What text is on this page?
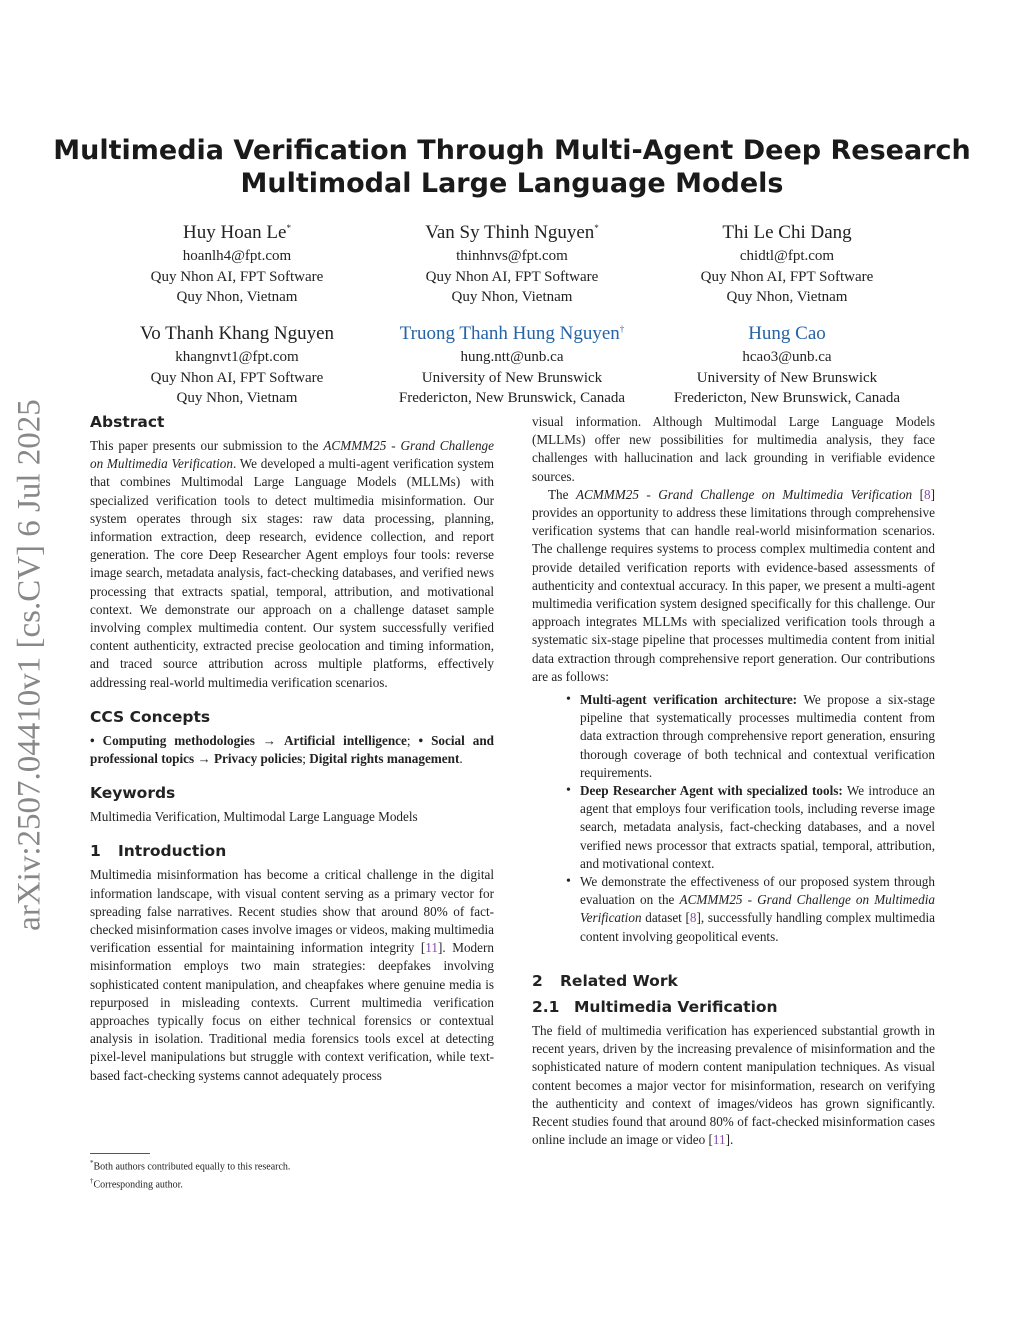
Multimedia Verification Through Multi-Agent Deep Research Multimodal Large Language Models
arXiv:2507.04410v1 [cs.CV] 6 Jul 2025
Huy Hoan Le*
hoanlh4@fpt.com
Quy Nhon AI, FPT Software
Quy Nhon, Vietnam
Van Sy Thinh Nguyen*
thinhnvs@fpt.com
Quy Nhon AI, FPT Software
Quy Nhon, Vietnam
Thi Le Chi Dang
chidtl@fpt.com
Quy Nhon AI, FPT Software
Quy Nhon, Vietnam
Vo Thanh Khang Nguyen
khangnvt1@fpt.com
Quy Nhon AI, FPT Software
Quy Nhon, Vietnam
Truong Thanh Hung Nguyen†
hung.ntt@unb.ca
University of New Brunswick
Fredericton, New Brunswick, Canada
Hung Cao
hcao3@unb.ca
University of New Brunswick
Fredericton, New Brunswick, Canada
Abstract

This paper presents our submission to the ACMMM25 - Grand Challenge on Multimedia Verification. We developed a multi-agent verification system that combines Multimodal Large Language Models (MLLMs) with specialized verification tools to detect multimedia misinformation. Our system operates through six stages: raw data processing, planning, information extraction, deep research, evidence collection, and report generation. The core Deep Researcher Agent employs four tools: reverse image search, metadata analysis, fact-checking databases, and verified news processing that extracts spatial, temporal, attribution, and motivational context. We demonstrate our approach on a challenge dataset sample involving complex multimedia content. Our system successfully verified content authenticity, extracted precise geolocation and timing information, and traced source attribution across multiple platforms, effectively addressing real-world multimedia verification scenarios.

CCS Concepts

• Computing methodologies → Artificial intelligence; • Social and professional topics → Privacy policies; Digital rights management.

Keywords

Multimedia Verification, Multimodal Large Language Models

1 Introduction

Multimedia misinformation has become a critical challenge in the digital information landscape, with visual content serving as a primary vector for spreading false narratives. Recent studies show that around 80% of fact-checked misinformation cases involve images or videos, making multimedia verification essential for maintaining information integrity [11]. Modern misinformation employs two main strategies: deepfakes involving sophisticated content manipulation, and cheapfakes where genuine media is repurposed in misleading contexts. Current multimedia verification approaches typically focus on either technical forensics or contextual analysis in isolation. Traditional media forensics tools excel at detecting pixel-level manipulations but struggle with context verification, while text-based fact-checking systems cannot adequately process

*Both authors contributed equally to this research.
†Corresponding author.

visual information. Although Multimodal Large Language Models (MLLMs) offer new possibilities for multimedia analysis, they face challenges with hallucination and lack grounding in verifiable evidence sources.

The ACMMM25 - Grand Challenge on Multimedia Verification [8] provides an opportunity to address these limitations through comprehensive verification systems that can handle real-world misinformation scenarios. The challenge requires systems to process complex multimedia content and provide detailed verification reports with evidence-based assessments of authenticity and contextual accuracy. In this paper, we present a multi-agent multimedia verification system designed specifically for this challenge. Our approach integrates MLLMs with specialized verification tools through a systematic six-stage pipeline that processes multimedia content from initial data extraction through comprehensive report generation. Our contributions are as follows:

• Multi-agent verification architecture: We propose a six-stage pipeline that systematically processes multimedia content from data extraction through comprehensive report generation, ensuring thorough coverage of both technical and contextual verification requirements.
• Deep Researcher Agent with specialized tools: We introduce an agent that employs four verification tools, including reverse image search, metadata analysis, fact-checking databases, and a novel verified news processor that extracts spatial, temporal, attribution, and motivational context.
• We demonstrate the effectiveness of our proposed system through evaluation on the ACMMM25 - Grand Challenge on Multimedia Verification dataset [8], successfully handling complex multimedia content involving geopolitical events.
2 Related Work
2.1 Multimedia Verification

The field of multimedia verification has experienced substantial growth in recent years, driven by the increasing prevalence of misinformation and the sophisticated nature of modern content manipulation techniques. As visual content becomes a major vector for misinformation, research on verifying the authenticity and context of images/videos has grown significantly. Recent studies found that around 80% of fact-checked misinformation cases online include an image or video [11].
